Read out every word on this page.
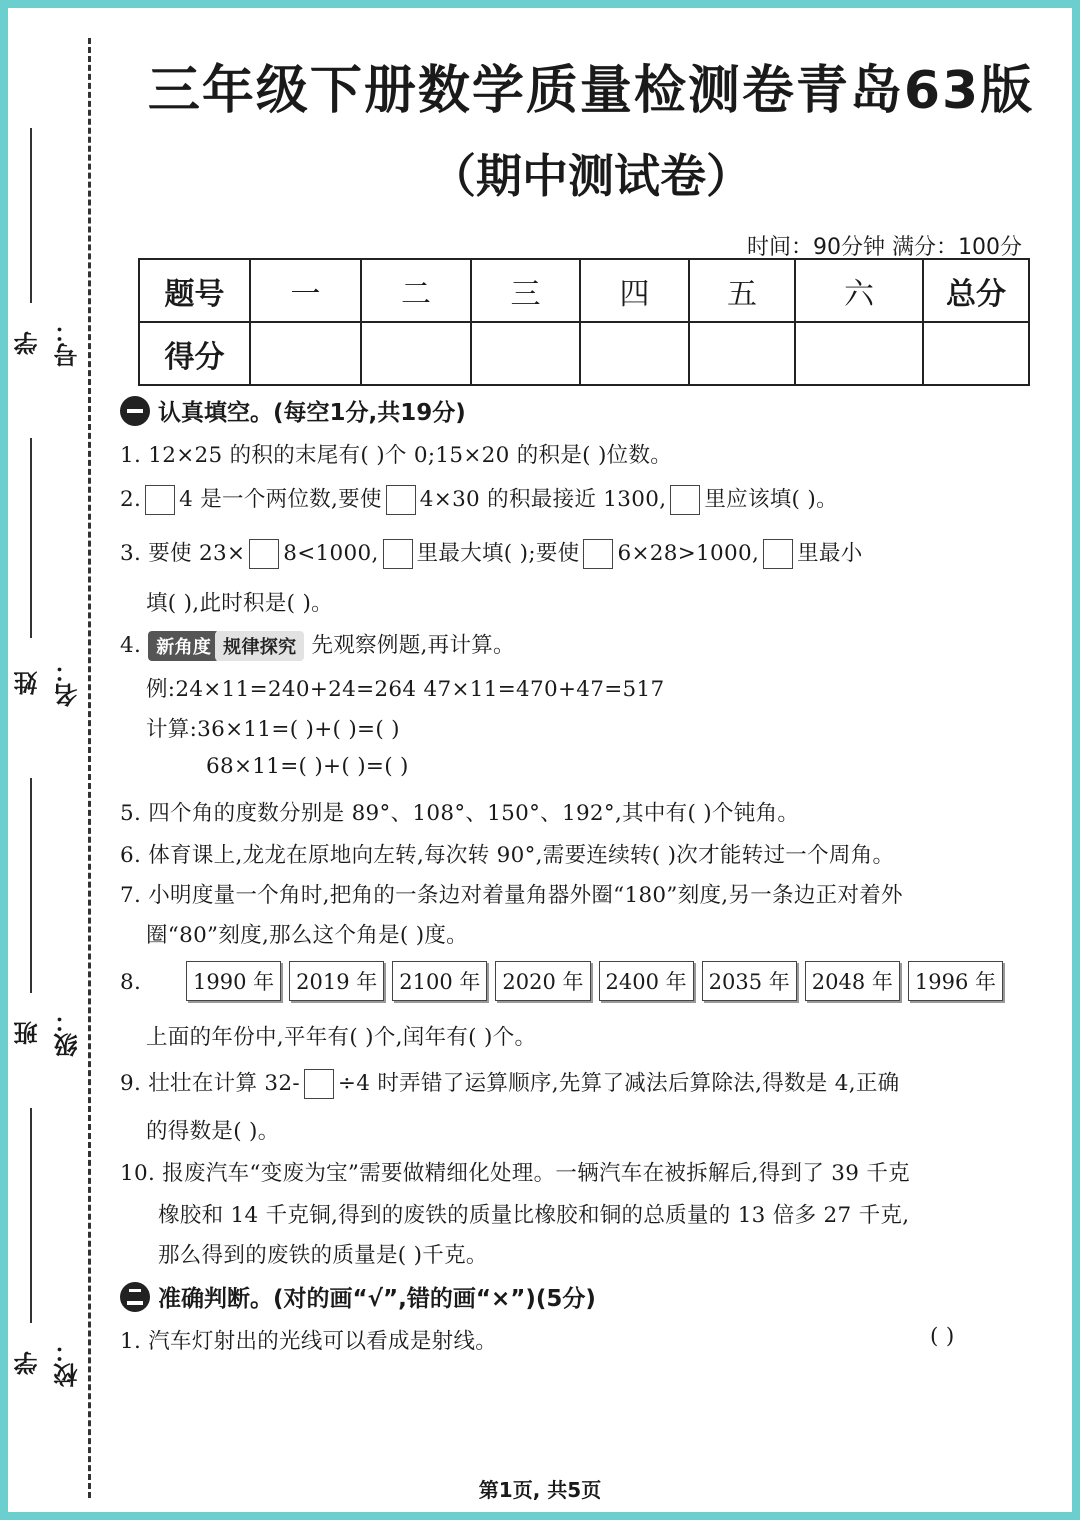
学号：
姓名：
班级：
学校：
三年级下册数学质量检测卷青岛63版
（期中测试卷）
时间：90分钟 满分：100分
题号	一	二	三	四	五	六	总分
得分							
认真填空。(每空1分,共19分)
1. 12×25 的积的末尾有( )个 0;15×20 的积是( )位数。
2. 4 是一个两位数,要使 4×30 的积最接近 1300, 里应该填( )。
3. 要使 23× 8<1000, 里最大填( );要使 6×28>1000, 里最小
填( ),此时积是( )。
4. 新角度 规律探究 先观察例题,再计算。
例:24×11=240+24=264 47×11=470+47=517
计算:36×11=( )+( )=( )
68×11=( )+( )=( )
5. 四个角的度数分别是 89°、108°、150°、192°,其中有( )个钝角。
6. 体育课上,龙龙在原地向左转,每次转 90°,需要连续转( )次才能转过一个周角。
7. 小明度量一个角时,把角的一条边对着量角器外圈“180”刻度,另一条边正对着外
圈“80”刻度,那么这个角是( )度。
8.	1990 年	2019 年	2100 年	2020 年	2400 年	2035 年	2048 年	1996 年
上面的年份中,平年有( )个,闰年有( )个。
9. 壮壮在计算 32- ÷4 时弄错了运算顺序,先算了减法后算除法,得数是 4,正确
的得数是( )。
10. 报废汽车“变废为宝”需要做精细化处理。一辆汽车在被拆解后,得到了 39 千克
橡胶和 14 千克铜,得到的废铁的质量比橡胶和铜的总质量的 13 倍多 27 千克,
那么得到的废铁的质量是( )千克。
准确判断。(对的画“√”,错的画“×”)(5分)
1. 汽车灯射出的光线可以看成是射线。	( )
第1页, 共5页
